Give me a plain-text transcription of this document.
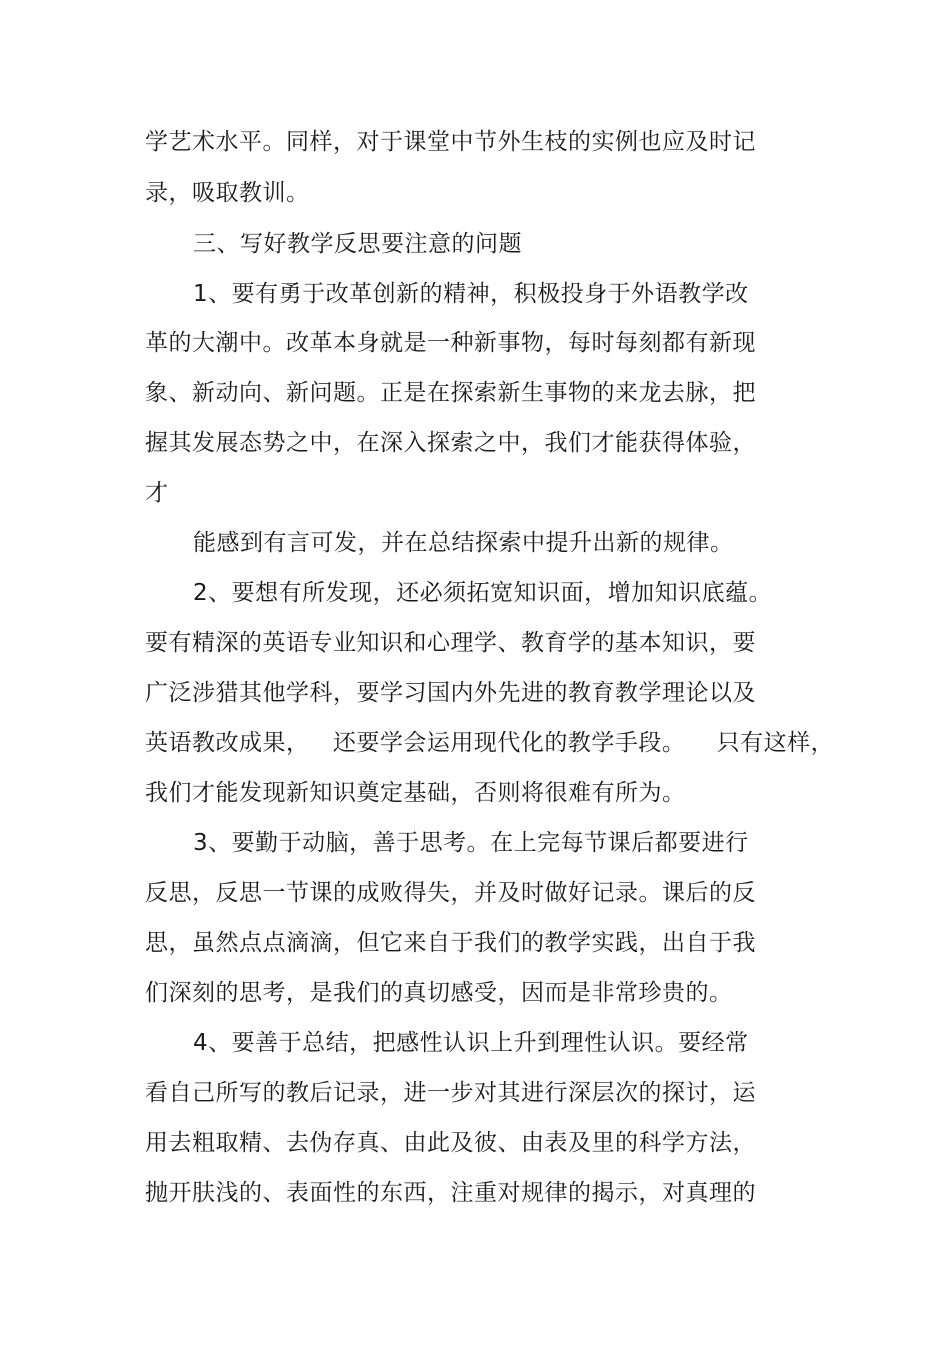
学艺术水平。同样，对于课堂中节外生枝的实例也应及时记
录，吸取教训。
三、写好教学反思要注意的问题
1、要有勇于改革创新的精神，积极投身于外语教学改
革的大潮中。改革本身就是一种新事物，每时每刻都有新现
象、新动向、新问题。正是在探索新生事物的来龙去脉，把
握其发展态势之中，在深入探索之中，我们才能获得体验，
才
能感到有言可发，并在总结探索中提升出新的规律。
2、要想有所发现，还必须拓宽知识面，增加知识底蕴。
要有精深的英语专业知识和心理学、教育学的基本知识，要
广泛涉猎其他学科，要学习国内外先进的教育教学理论以及
英语教改成果，   还要学会运用现代化的教学手段。    只有这样，
我们才能发现新知识奠定基础，否则将很难有所为。
3、要勤于动脑，善于思考。在上完每节课后都要进行
反思，反思一节课的成败得失，并及时做好记录。课后的反
思，虽然点点滴滴，但它来自于我们的教学实践，出自于我
们深刻的思考，是我们的真切感受，因而是非常珍贵的。
4、要善于总结，把感性认识上升到理性认识。要经常
看自己所写的教后记录，进一步对其进行深层次的探讨，运
用去粗取精、去伪存真、由此及彼、由表及里的科学方法，
抛开肤浅的、表面性的东西，注重对规律的揭示，对真理的
